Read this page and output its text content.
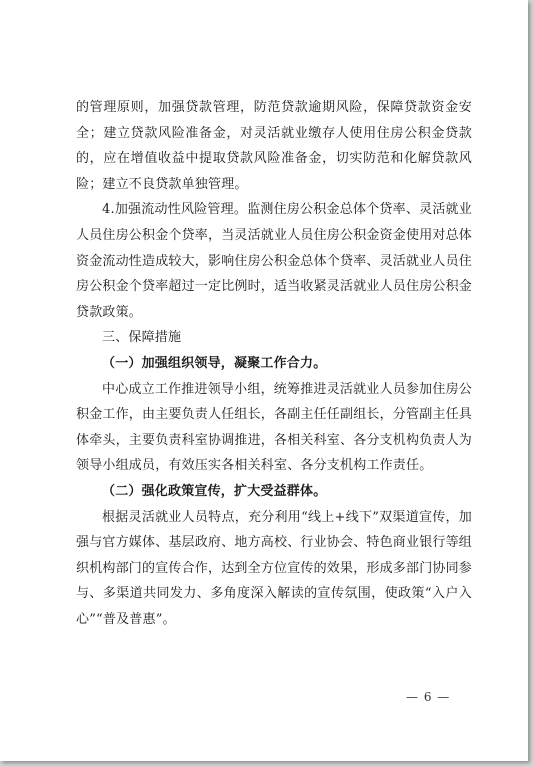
的管理原则，加强贷款管理，防范贷款逾期风险，保障贷款资金安全；建立贷款风险准备金，对灵活就业缴存人使用住房公积金贷款的，应在增值收益中提取贷款风险准备金，切实防范和化解贷款风险；建立不良贷款单独管理。

4.加强流动性风险管理。监测住房公积金总体个贷率、灵活就业人员住房公积金个贷率，当灵活就业人员住房公积金资金使用对总体资金流动性造成较大，影响住房公积金总体个贷率、灵活就业人员住房公积金个贷率超过一定比例时，适当收紧灵活就业人员住房公积金贷款政策。

三、保障措施
（一）加强组织领导，凝聚工作合力。

中心成立工作推进领导小组，统筹推进灵活就业人员参加住房公积金工作，由主要负责人任组长，各副主任任副组长，分管副主任具体牵头，主要负责科室协调推进，各相关科室、各分支机构负责人为领导小组成员，有效压实各相关科室、各分支机构工作责任。

（二）强化政策宣传，扩大受益群体。

根据灵活就业人员特点，充分利用“线上+线下”双渠道宣传，加强与官方媒体、基层政府、地方高校、行业协会、特色商业银行等组织机构部门的宣传合作，达到全方位宣传的效果，形成多部门协同参与、多渠道共同发力、多角度深入解读的宣传氛围，使政策“入户入心”“普及普惠”。

— 6 —
